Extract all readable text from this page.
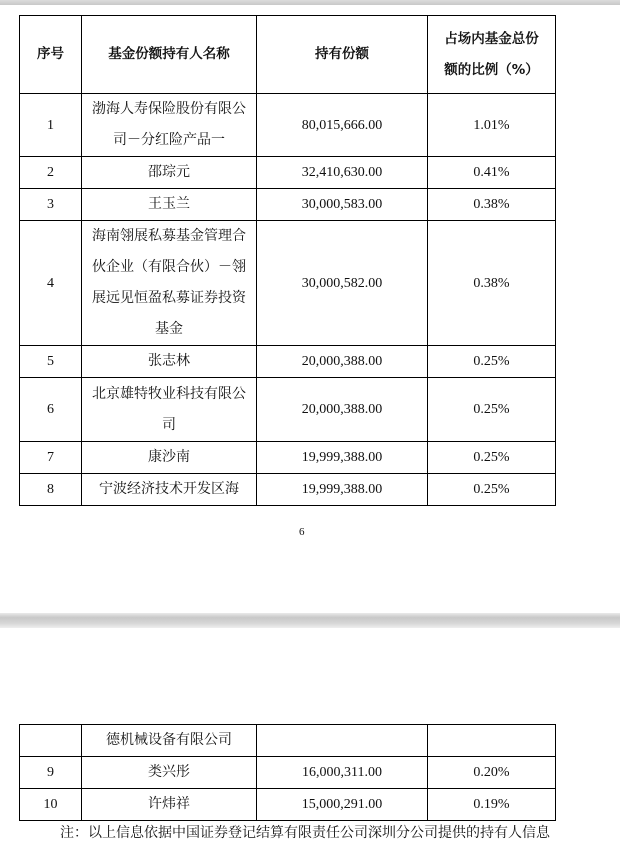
序号	基金份额持有人名称	持有份额	占场内基金总份额的比例（%）
1	渤海人寿保险股份有限公司－分红险产品一	80,015,666.00	1.01%
2	邵琮元	32,410,630.00	0.41%
3	王玉兰	30,000,583.00	0.38%
4	海南翎展私募基金管理合伙企业（有限合伙）－翎展远见恒盈私募证券投资基金	30,000,582.00	0.38%
5	张志林	20,000,388.00	0.25%
6	北京雄特牧业科技有限公司	20,000,388.00	0.25%
7	康沙南	19,999,388.00	0.25%
8	宁波经济技术开发区海	19,999,388.00	0.25%
6
	德机械设备有限公司		
9	类兴彤	16,000,311.00	0.20%
10	许炜祥	15,000,291.00	0.19%
注：以上信息依据中国证券登记结算有限责任公司深圳分公司提供的持有人信息
